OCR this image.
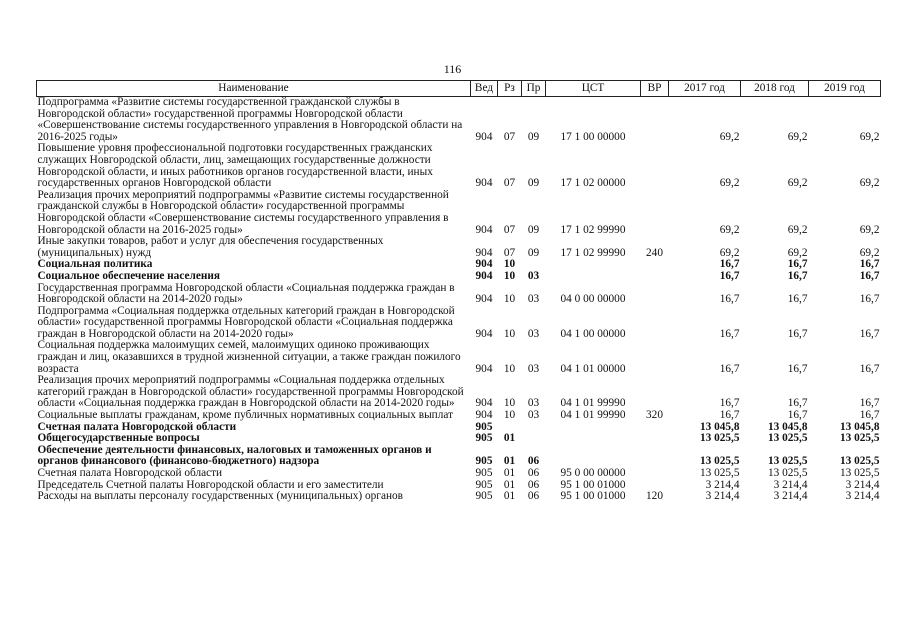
116
Наименование	Вед	Рз	Пр	ЦСТ	ВР	2017 год	2018 год	2019 год
Подпрограмма «Развитие системы государственной гражданской службы в Новгородской области» государственной программы Новгородской области «Совершенствование системы государственного управления в Новгородской области на 2016-2025 годы»	904	07	09	17 1 00 00000		69,2	69,2	69,2
Повышение уровня профессиональной подготовки государственных гражданских служащих Новгородской области, лиц, замещающих государственные должности Новгородской области, и иных работников органов государственной власти, иных государственных органов Новгородской области	904	07	09	17 1 02 00000		69,2	69,2	69,2
Реализация прочих мероприятий подпрограммы «Развитие системы государственной гражданской службы в Новгородской области» государственной программы Новгородской области «Совершенствование системы государственного управления в Новгородской области на 2016-2025 годы»	904	07	09	17 1 02 99990		69,2	69,2	69,2
Иные закупки товаров, работ и услуг для обеспечения государственных (муниципальных) нужд	904	07	09	17 1 02 99990	240	69,2	69,2	69,2
Социальная политика	904	10				16,7	16,7	16,7
Социальное обеспечение населения	904	10	03			16,7	16,7	16,7
Государственная программа Новгородской области «Социальная поддержка граждан в Новгородской области на 2014-2020 годы»	904	10	03	04 0 00 00000		16,7	16,7	16,7
Подпрограмма «Социальная поддержка отдельных категорий граждан в Новгородской области» государственной программы Новгородской области «Социальная поддержка граждан в Новгородской области на 2014-2020 годы»	904	10	03	04 1 00 00000		16,7	16,7	16,7
Социальная поддержка малоимущих семей, малоимущих одиноко проживающих граждан и лиц, оказавшихся в трудной жизненной ситуации, а также граждан пожилого возраста	904	10	03	04 1 01 00000		16,7	16,7	16,7
Реализация прочих мероприятий подпрограммы «Социальная поддержка отдельных категорий граждан в Новгородской области» государственной программы Новгородской области «Социальная поддержка граждан в Новгородской области на 2014-2020 годы»	904	10	03	04 1 01 99990		16,7	16,7	16,7
Социальные выплаты гражданам, кроме публичных нормативных социальных выплат	904	10	03	04 1 01 99990	320	16,7	16,7	16,7
Счетная палата Новгородской области	905					13 045,8	13 045,8	13 045,8
Общегосударственные вопросы	905	01				13 025,5	13 025,5	13 025,5
Обеспечение деятельности финансовых, налоговых и таможенных органов и органов финансового (финансово-бюджетного) надзора	905	01	06			13 025,5	13 025,5	13 025,5
Счетная палата Новгородской области	905	01	06	95 0 00 00000		13 025,5	13 025,5	13 025,5
Председатель Счетной палаты Новгородской области и его заместители	905	01	06	95 1 00 01000		3 214,4	3 214,4	3 214,4
Расходы на выплаты персоналу государственных (муниципальных) органов	905	01	06	95 1 00 01000	120	3 214,4	3 214,4	3 214,4
